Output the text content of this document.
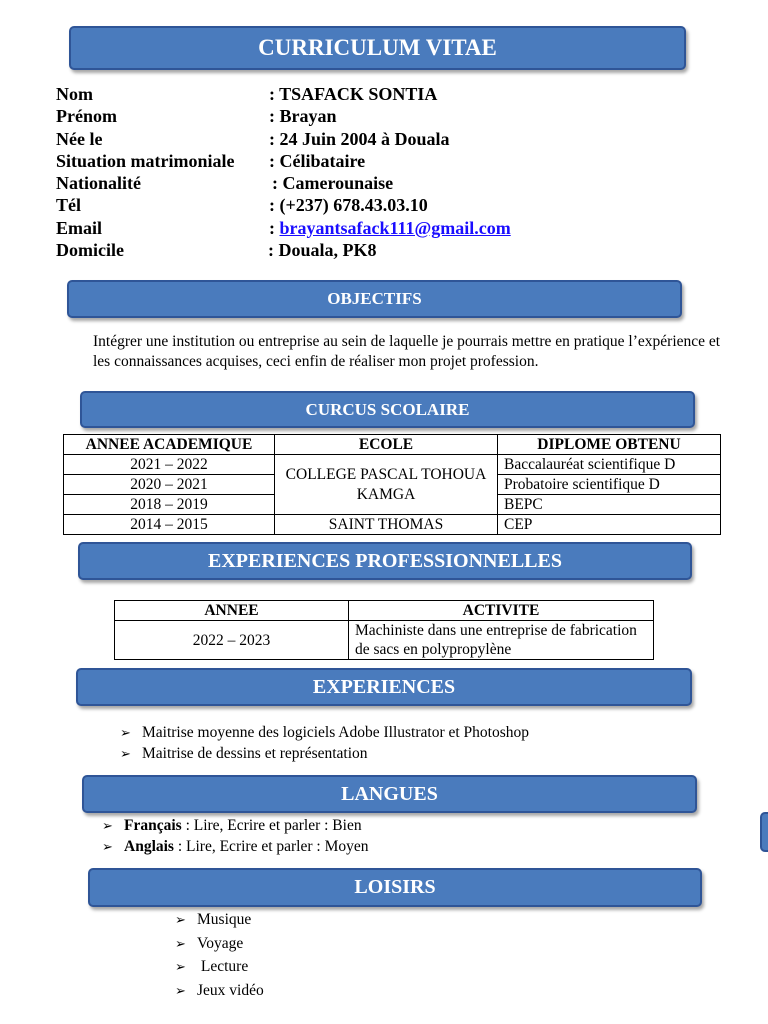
CURRICULUM VITAE
Nom	: TSAFACK SONTIA
Prénom	: Brayan
Née le	: 24 Juin 2004 à Douala
Situation matrimoniale : Célibataire
Nationalité	: Camerounaise
Tél	: (+237) 678.43.03.10
Email	: brayantsafack111@gmail.com
Domicile	: Douala, PK8
OBJECTIFS
Intégrer une institution ou entreprise au sein de laquelle je pourrais mettre en pratique l’expérience et les connaissances acquises, ceci enfin de réaliser mon projet profession.
CURCUS SCOLAIRE
ANNEE ACADEMIQUE	ECOLE	DIPLOME OBTENU
2021 – 2022	COLLEGE PASCAL TOHOUA KAMGA	Baccalauréat scientifique D
2020 – 2021		Probatoire scientifique D
2018 – 2019		BEPC
2014 – 2015	SAINT THOMAS	CEP
EXPERIENCES PROFESSIONNELLES
ANNEE	ACTIVITE
2022 – 2023	Machiniste dans une entreprise de fabrication de sacs en polypropylène
EXPERIENCES
➢ Maitrise moyenne des logiciels Adobe Illustrator et Photoshop
➢ Maitrise de dessins et représentation
LANGUES
➢ Français : Lire, Ecrire et parler : Bien
➢ Anglais : Lire, Ecrire et parler : Moyen
LOISIRS
➢ Musique
➢ Voyage
➢ Lecture
➢ Jeux vidéo
